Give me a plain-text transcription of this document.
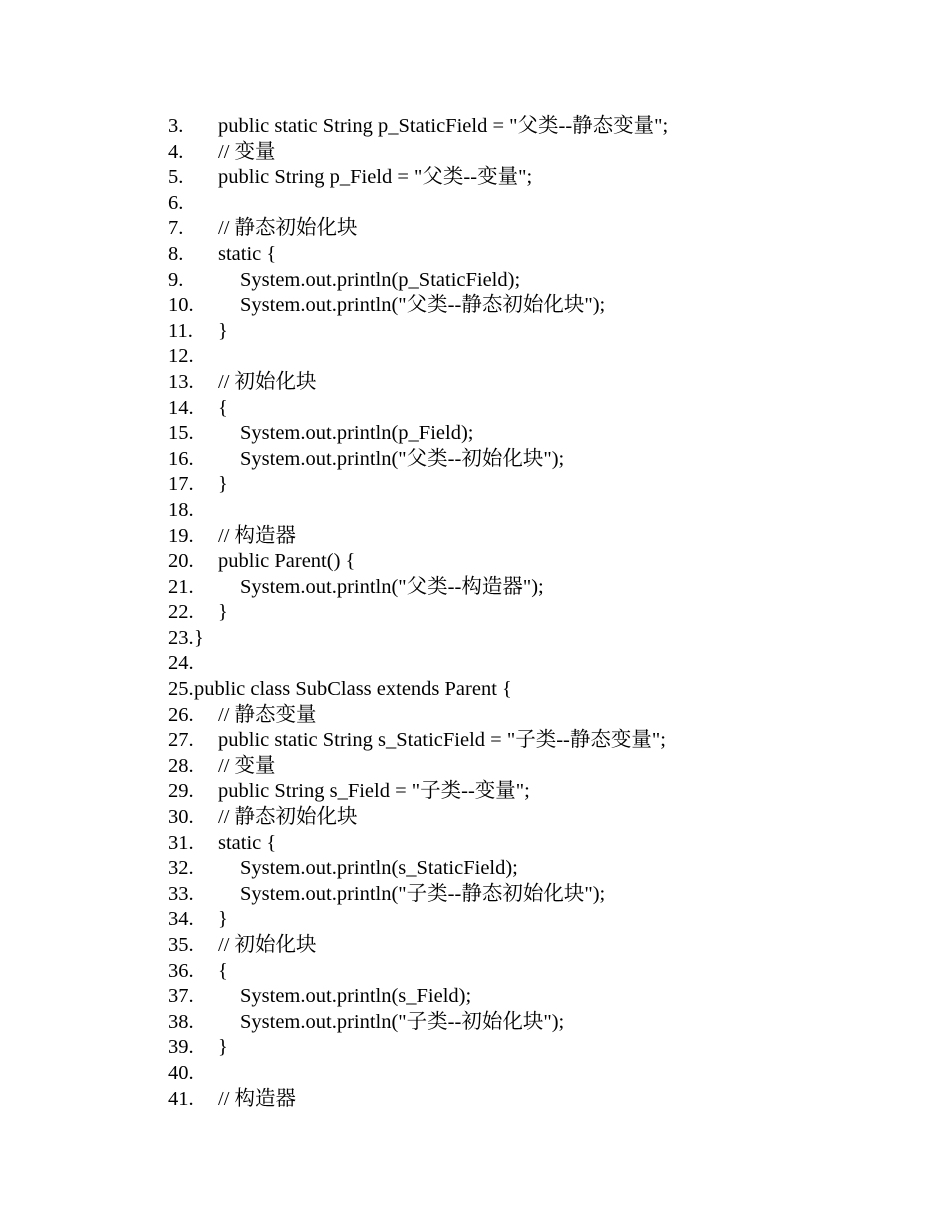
3. public static String p_StaticField = "父类--静态变量";
4. // 变量
5. public String p_Field = "父类--变量";
6.
7. // 静态初始化块
8. static {
9.	System.out.println(p_StaticField);
10. System.out.println("父类--静态初始化块");
11. }
12.
13. // 初始化块
14. {
15. System.out.println(p_Field);
16. System.out.println("父类--初始化块");
17. }
18.
19. // 构造器
20. public Parent() {
21. System.out.println("父类--构造器");
22. }
23. }
24.
25. public class SubClass extends Parent {
26. // 静态变量
27. public static String s_StaticField = "子类--静态变量";
28. // 变量
29. public String s_Field = "子类--变量";
30. // 静态初始化块
31. static {
32. System.out.println(s_StaticField);
33. System.out.println("子类--静态初始化块");
34. }
35. // 初始化块
36. {
37. System.out.println(s_Field);
38. System.out.println("子类--初始化块");
39. }
40.
41. // 构造器
